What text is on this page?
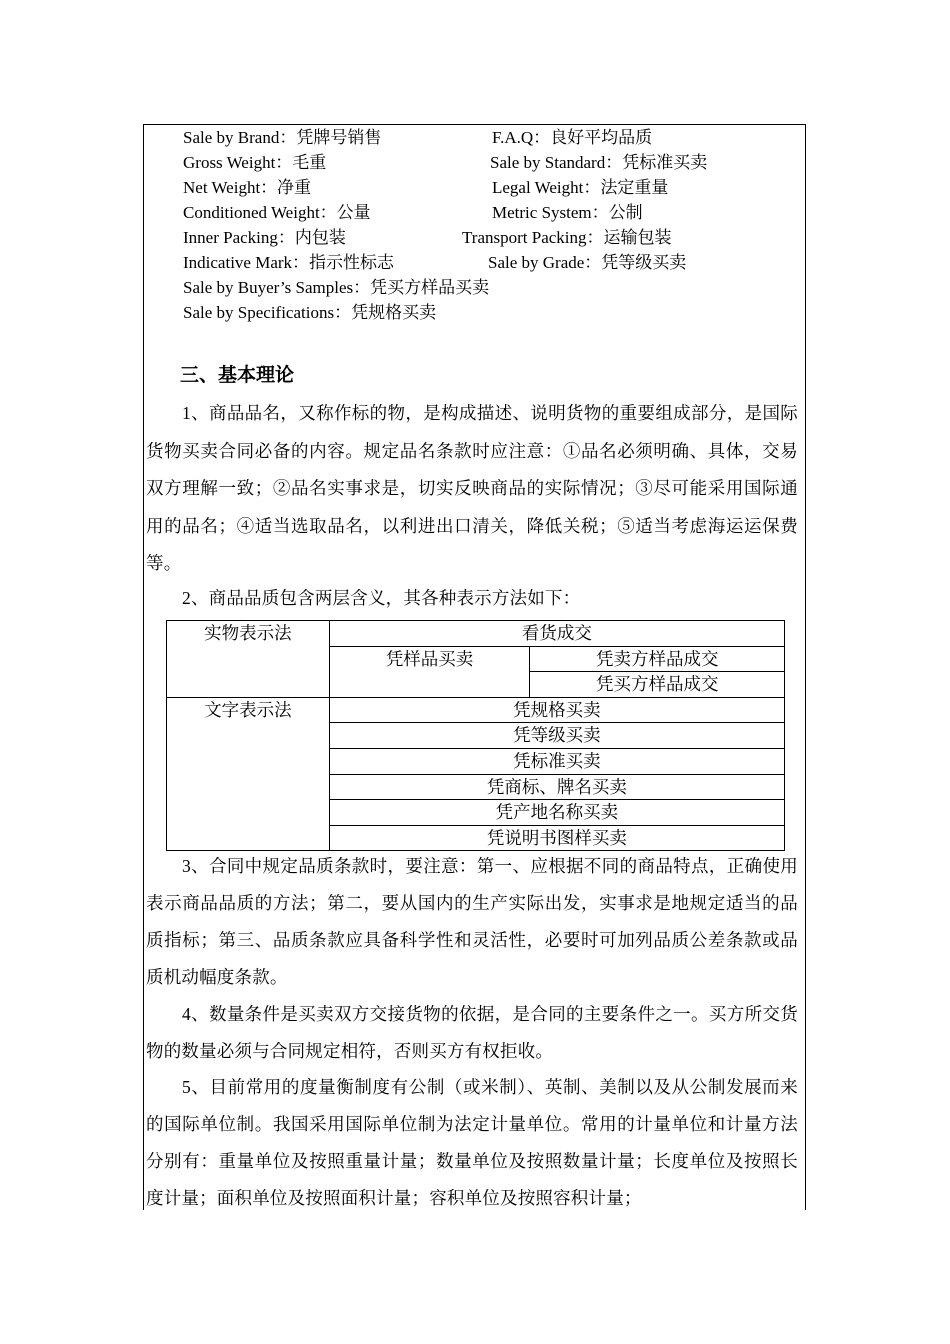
Sale by Brand：凭牌号销售	F.A.Q：良好平均品质
Gross Weight：毛重	Sale by Standard：凭标准买卖
Net Weight：净重	Legal Weight：法定重量
Conditioned Weight：公量	Metric System：公制
Inner Packing：内包装	Transport Packing：运输包装
Indicative Mark：指示性标志	Sale by Grade：凭等级买卖
Sale by Buyer’s Samples：凭买方样品买卖
Sale by Specifications：凭规格买卖
三、基本理论

1、商品品名，又称作标的物，是构成描述、说明货物的重要组成部分，是国际货物买卖合同必备的内容。规定品名条款时应注意：①品名必须明确、具体，交易双方理解一致；②品名实事求是，切实反映商品的实际情况；③尽可能采用国际通用的品名；④适当选取品名，以利进出口清关，降低关税；⑤适当考虑海运运保费等。

2、商品品质包含两层含义，其各种表示方法如下：

实物表示法	看货成交	
	凭样品买卖	凭卖方样品成交
		凭买方样品成交
文字表示法	凭规格买卖	
	凭等级买卖	
	凭标准买卖	
	凭商标、牌名买卖	
	凭产地名称买卖	
	凭说明书图样买卖	

3、合同中规定品质条款时，要注意：第一、应根据不同的商品特点，正确使用表示商品品质的方法；第二，要从国内的生产实际出发，实事求是地规定适当的品质指标；第三、品质条款应具备科学性和灵活性，必要时可加列品质公差条款或品质机动幅度条款。

4、数量条件是买卖双方交接货物的依据，是合同的主要条件之一。买方所交货物的数量必须与合同规定相符，否则买方有权拒收。

5、目前常用的度量衡制度有公制（或米制）、英制、美制以及从公制发展而来的国际单位制。我国采用国际单位制为法定计量单位。常用的计量单位和计量方法分别有：重量单位及按照重量计量；数量单位及按照数量计量；长度单位及按照长度计量；面积单位及按照面积计量；容积单位及按照容积计量；
